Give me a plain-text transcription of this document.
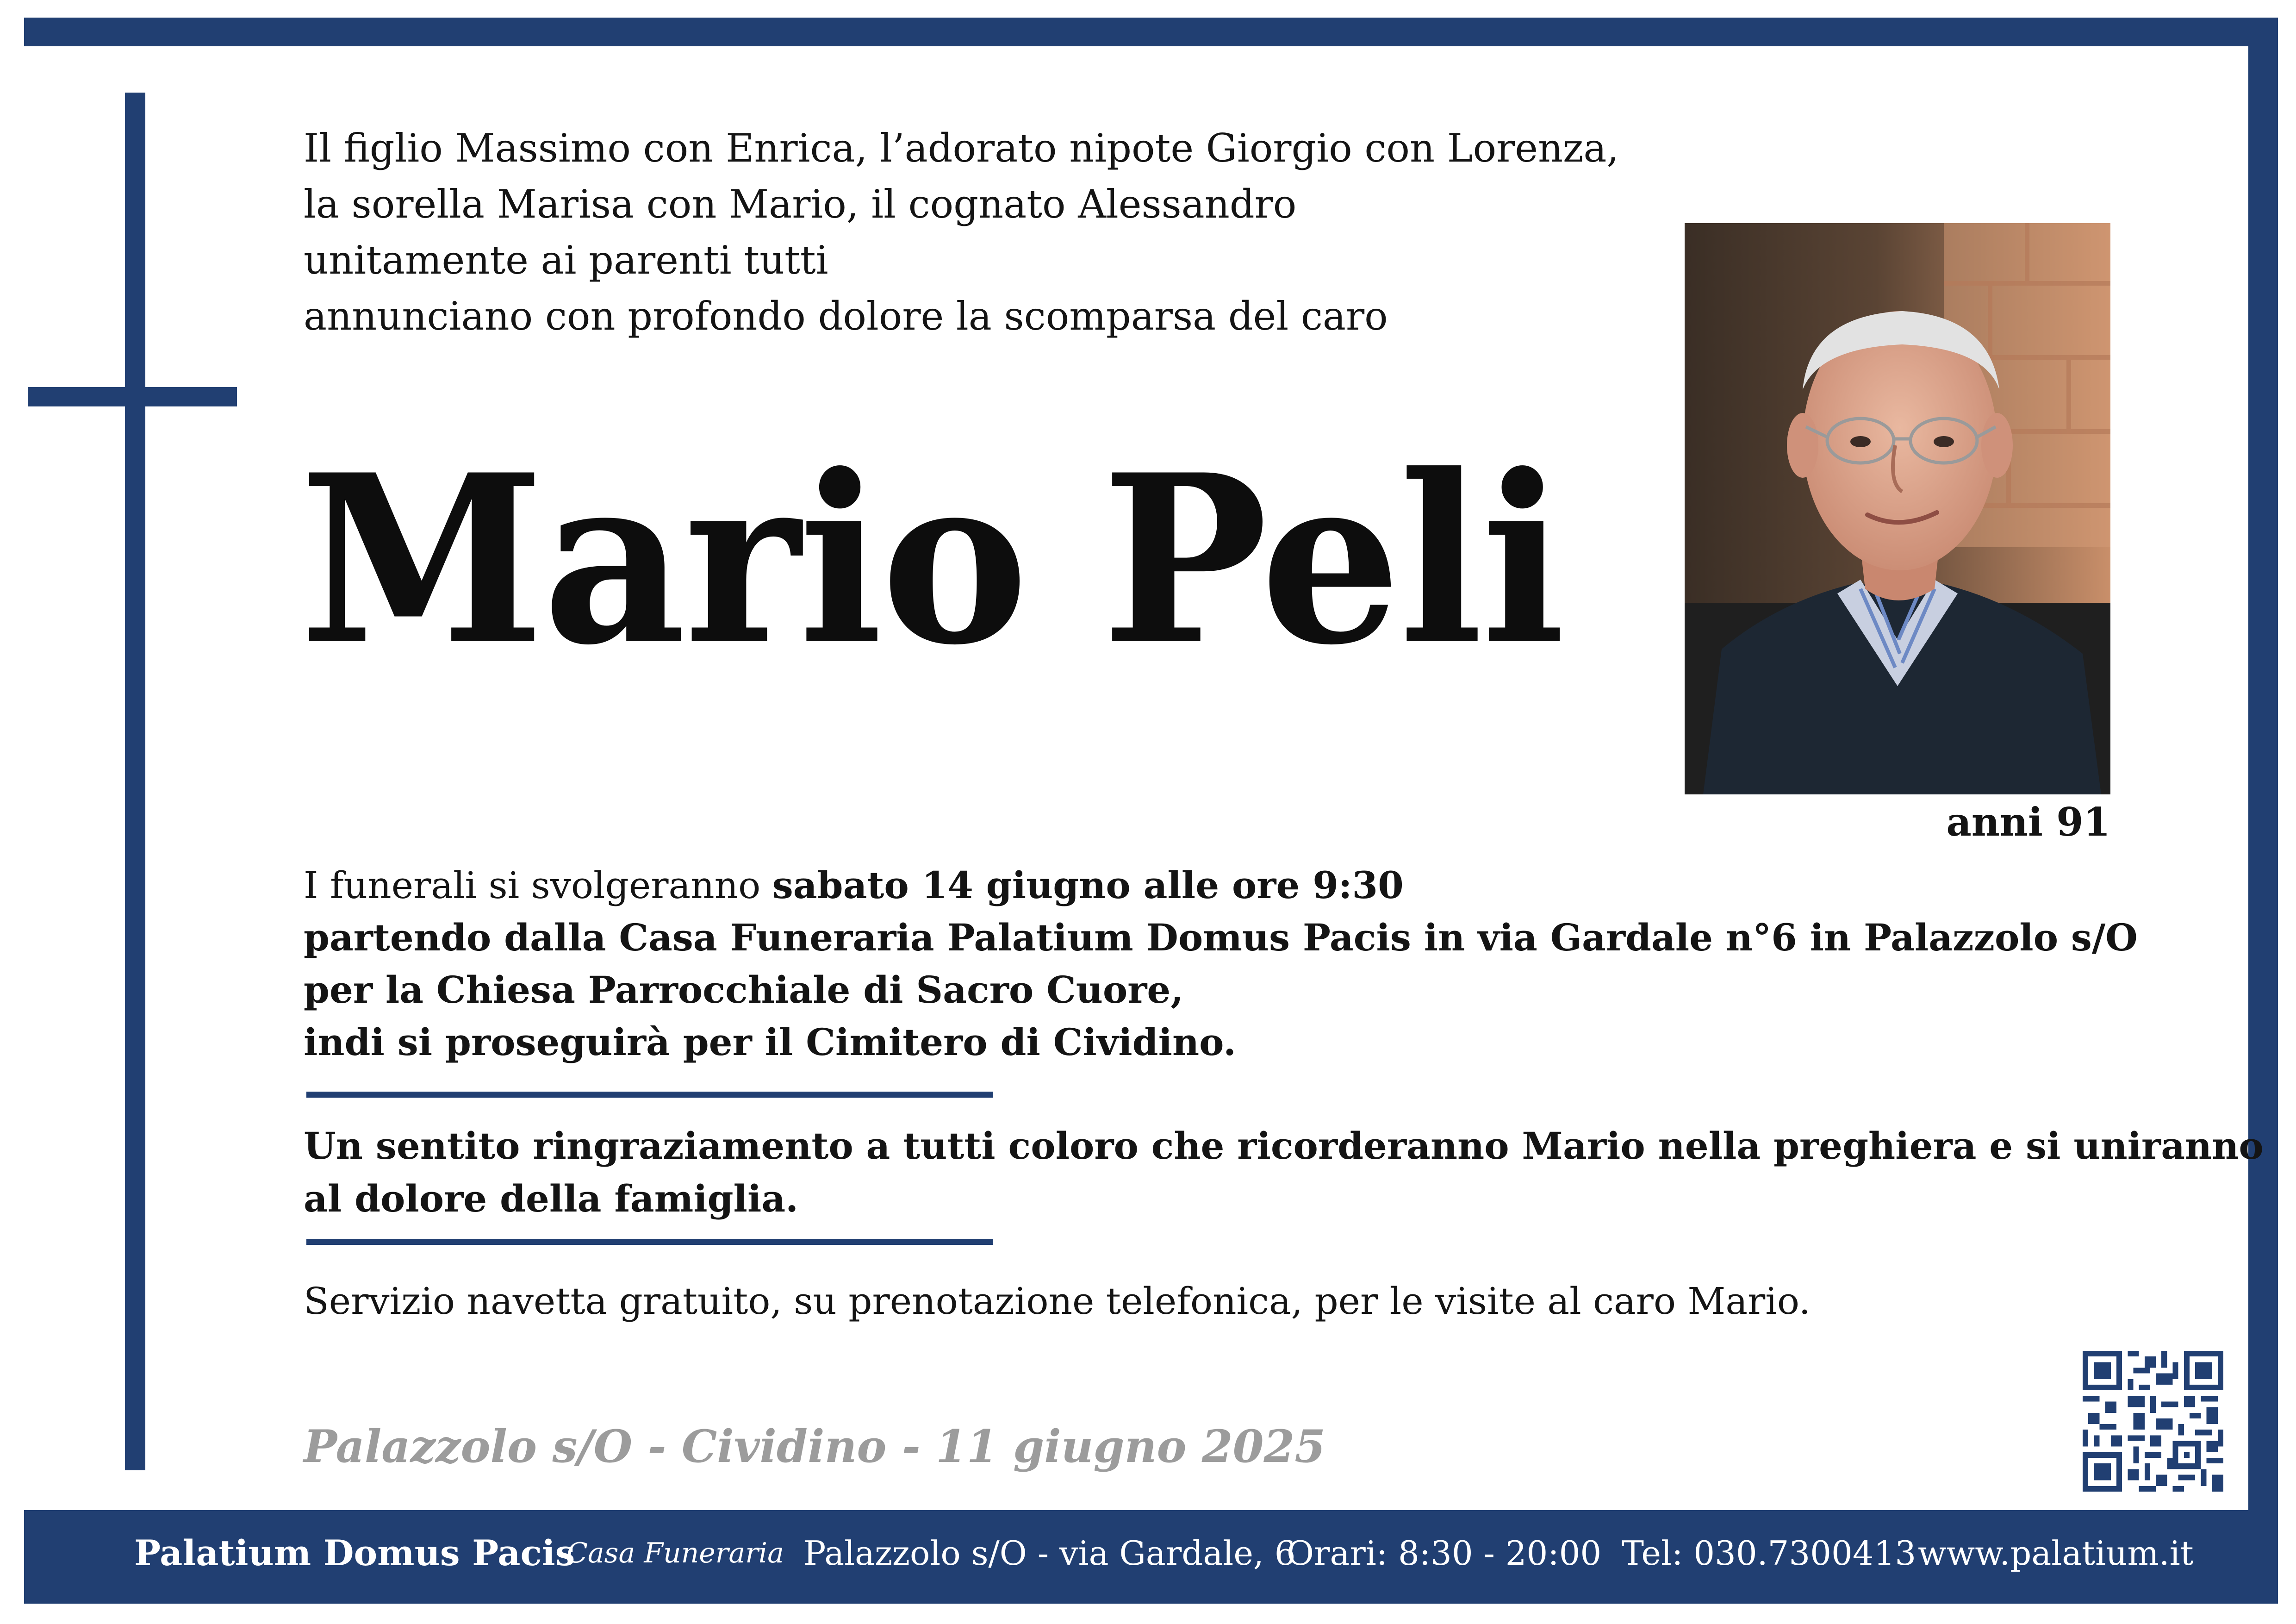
Il figlio Massimo con Enrica, l’adorato nipote Giorgio con Lorenza,
la sorella Marisa con Mario, il cognato Alessandro
unitamente ai parenti tutti
annunciano con profondo dolore la scomparsa del caro
Mario Peli
anni 91
I funerali si svolgeranno sabato 14 giugno alle ore 9:30
partendo dalla Casa Funeraria Palatium Domus Pacis in via Gardale n°6 in Palazzolo s/O
per la Chiesa Parrocchiale di Sacro Cuore,
indi si proseguirà per il Cimitero di Cividino.
Un sentito ringraziamento a tutti coloro che ricorderanno Mario nella preghiera e si uniranno
al dolore della famiglia.
Servizio navetta gratuito, su prenotazione telefonica, per le visite al caro Mario.
Palazzolo s/O - Cividino - 11 giugno 2025
Palatium Domus Pacis
Casa Funeraria Palazzolo s/O - via Gardale, 6
Orari: 8:30 - 20:00 Tel: 030.7300413 www.palatium.it
